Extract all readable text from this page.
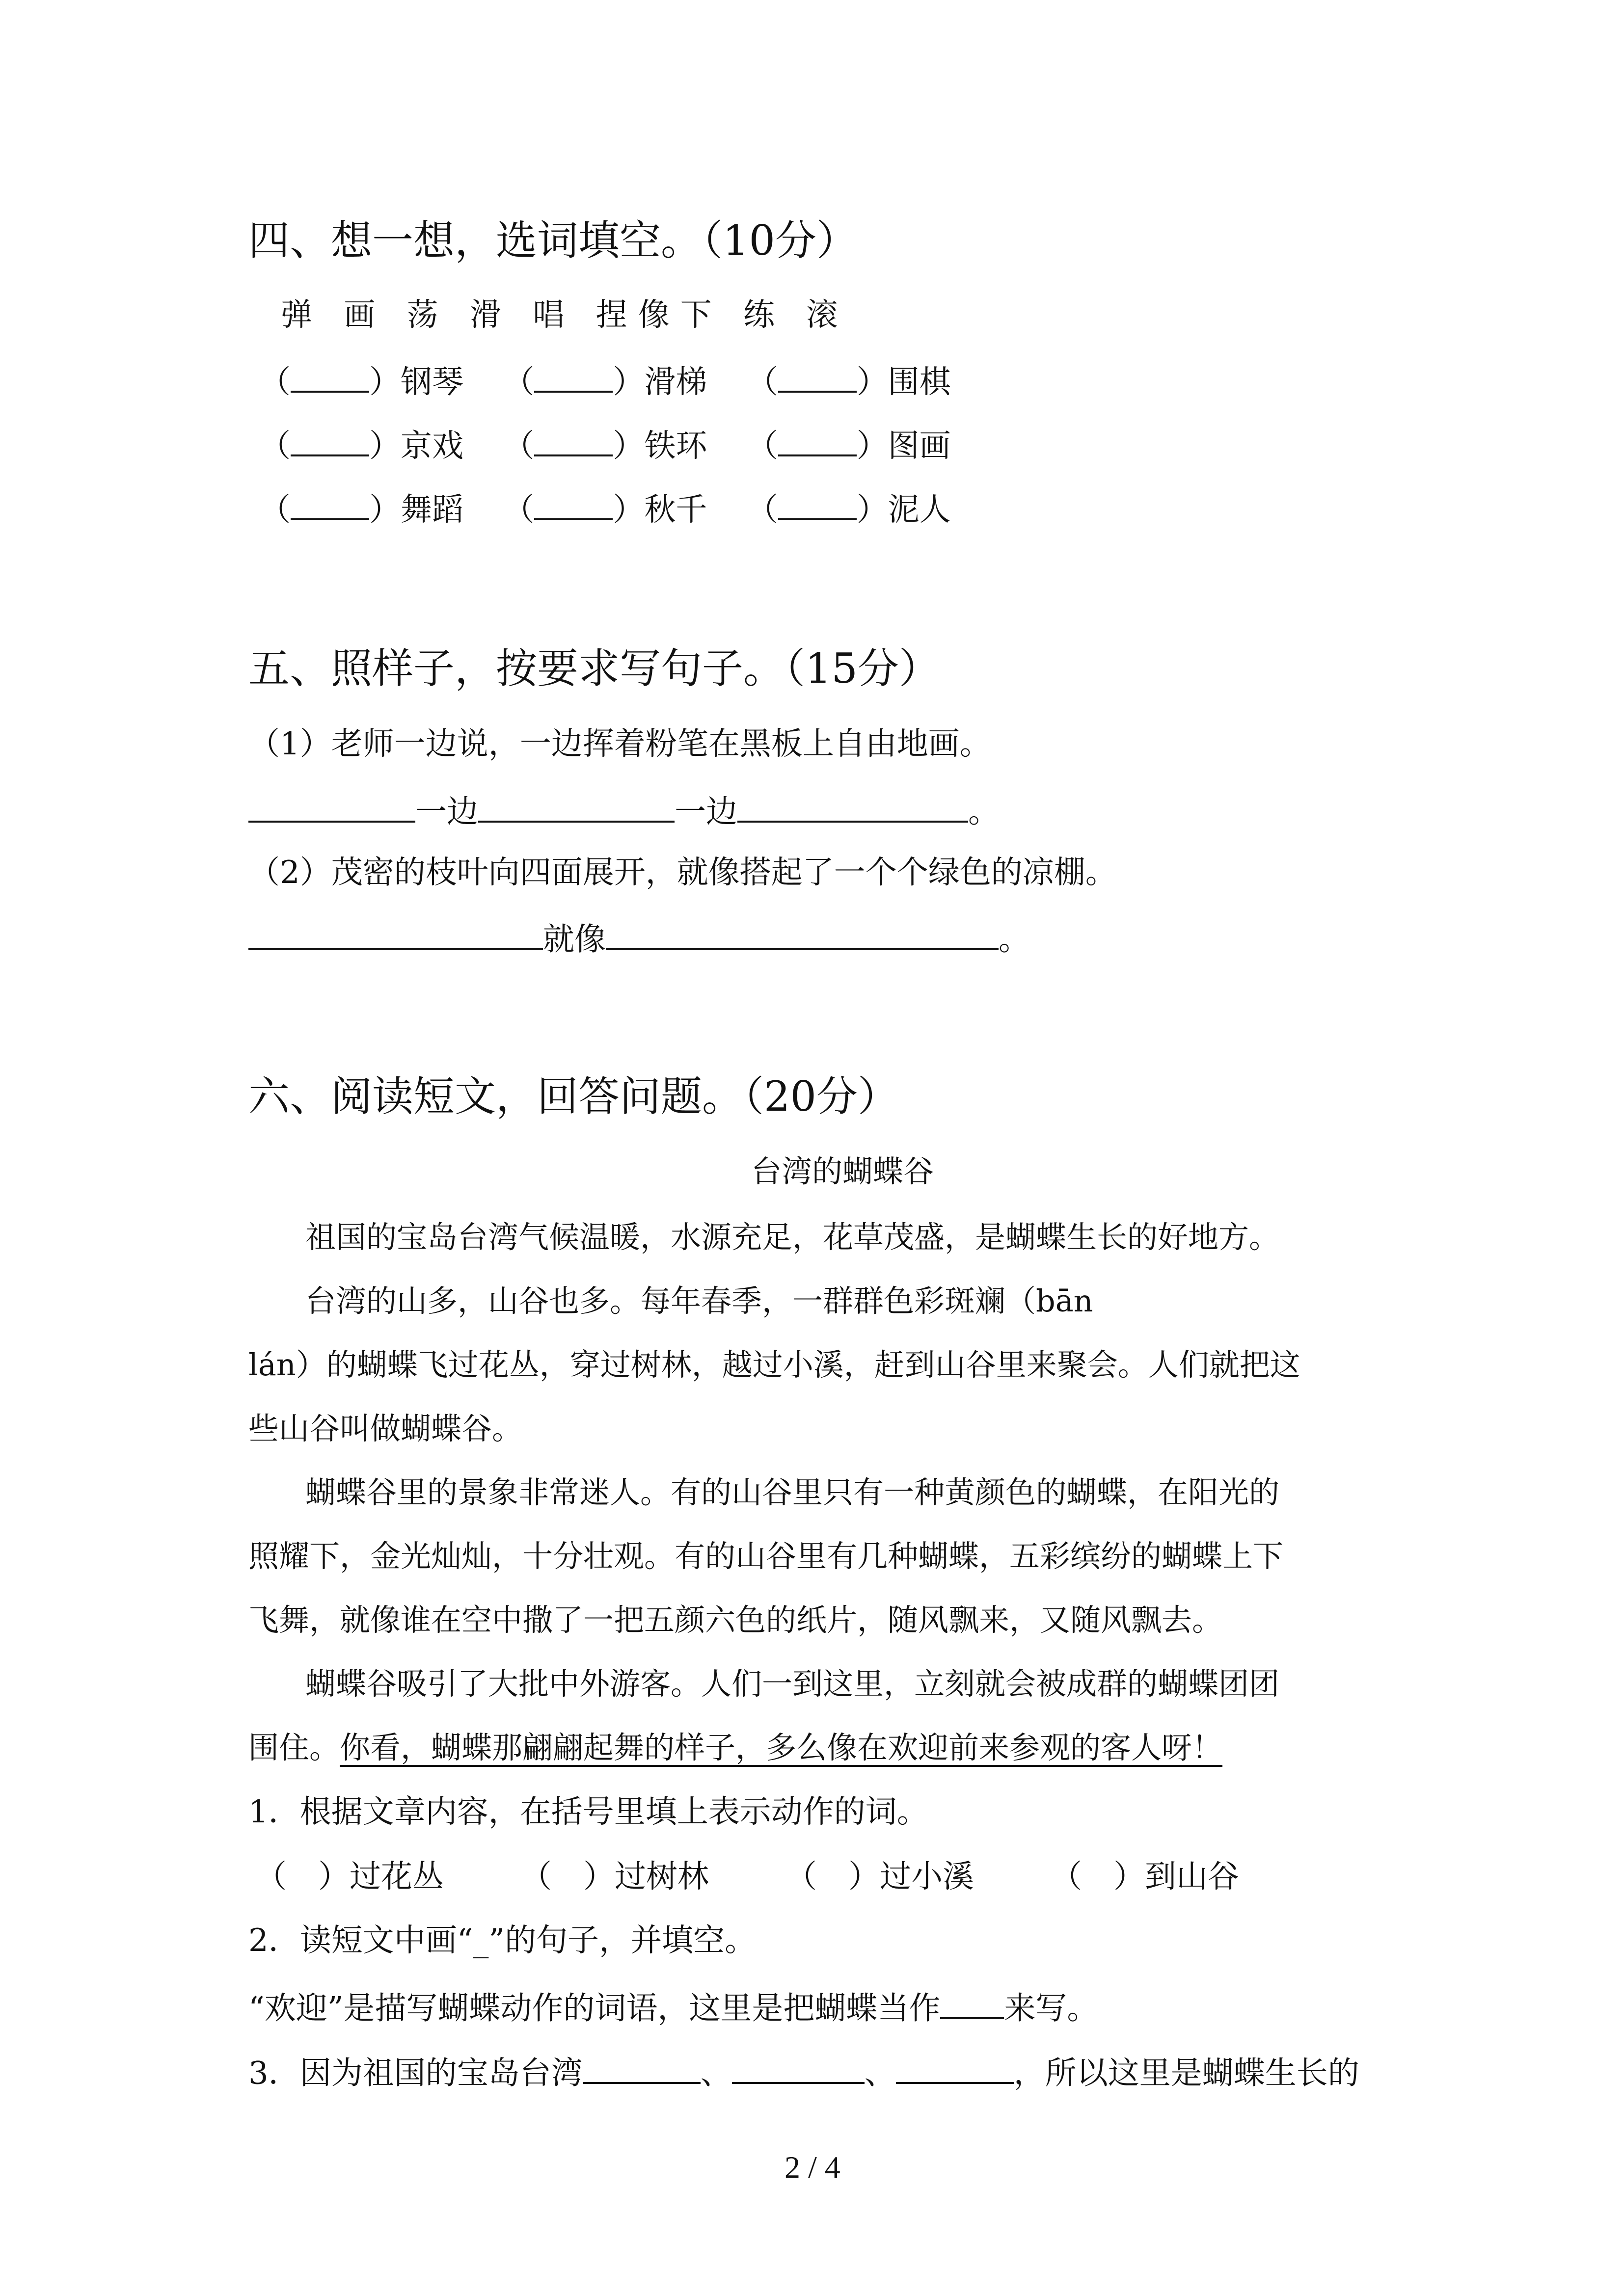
四、想一想，选词填空。（10分）
弹 画 荡 滑 唱 捏像下 练 滚
（	）钢琴 （	）滑梯 （	）围棋
（	）京戏 （	）铁环 （	）图画
（	）舞蹈 （	）秋千 （	）泥人
五、照样子，按要求写句子。（15分）
（1）老师一边说，一边挥着粉笔在黑板上自由地画。
一边	一边	。
（2）茂密的枝叶向四面展开，就像搭起了一个个绿色的凉棚。
就像	。
六、阅读短文，回答问题。（20分）
台湾的蝴蝶谷
祖国的宝岛台湾气候温暖，水源充足，花草茂盛，是蝴蝶生长的好地方。
台湾的山多，山谷也多。每年春季，一群群色彩斑斓（bān
lán）的蝴蝶飞过花丛，穿过树林，越过小溪，赶到山谷里来聚会。人们就把这
些山谷叫做蝴蝶谷。
蝴蝶谷里的景象非常迷人。有的山谷里只有一种黄颜色的蝴蝶，在阳光的
照耀下，金光灿灿，十分壮观。有的山谷里有几种蝴蝶，五彩缤纷的蝴蝶上下
飞舞，就像谁在空中撒了一把五颜六色的纸片，随风飘来，又随风飘去。
蝴蝶谷吸引了大批中外游客。人们一到这里，立刻就会被成群的蝴蝶团团
围住。你看，蝴蝶那翩翩起舞的样子，多么像在欢迎前来参观的客人呀！
1．根据文章内容，在括号里填上表示动作的词。
（　）过花丛 （　）过树林 （　）过小溪 （　）到山谷
2．读短文中画“_”的句子，并填空。
“欢迎”是描写蝴蝶动作的词语，这里是把蝴蝶当作 来写。
3．因为祖国的宝岛台湾	、	、	，所以这里是蝴蝶生长的
2 / 4
